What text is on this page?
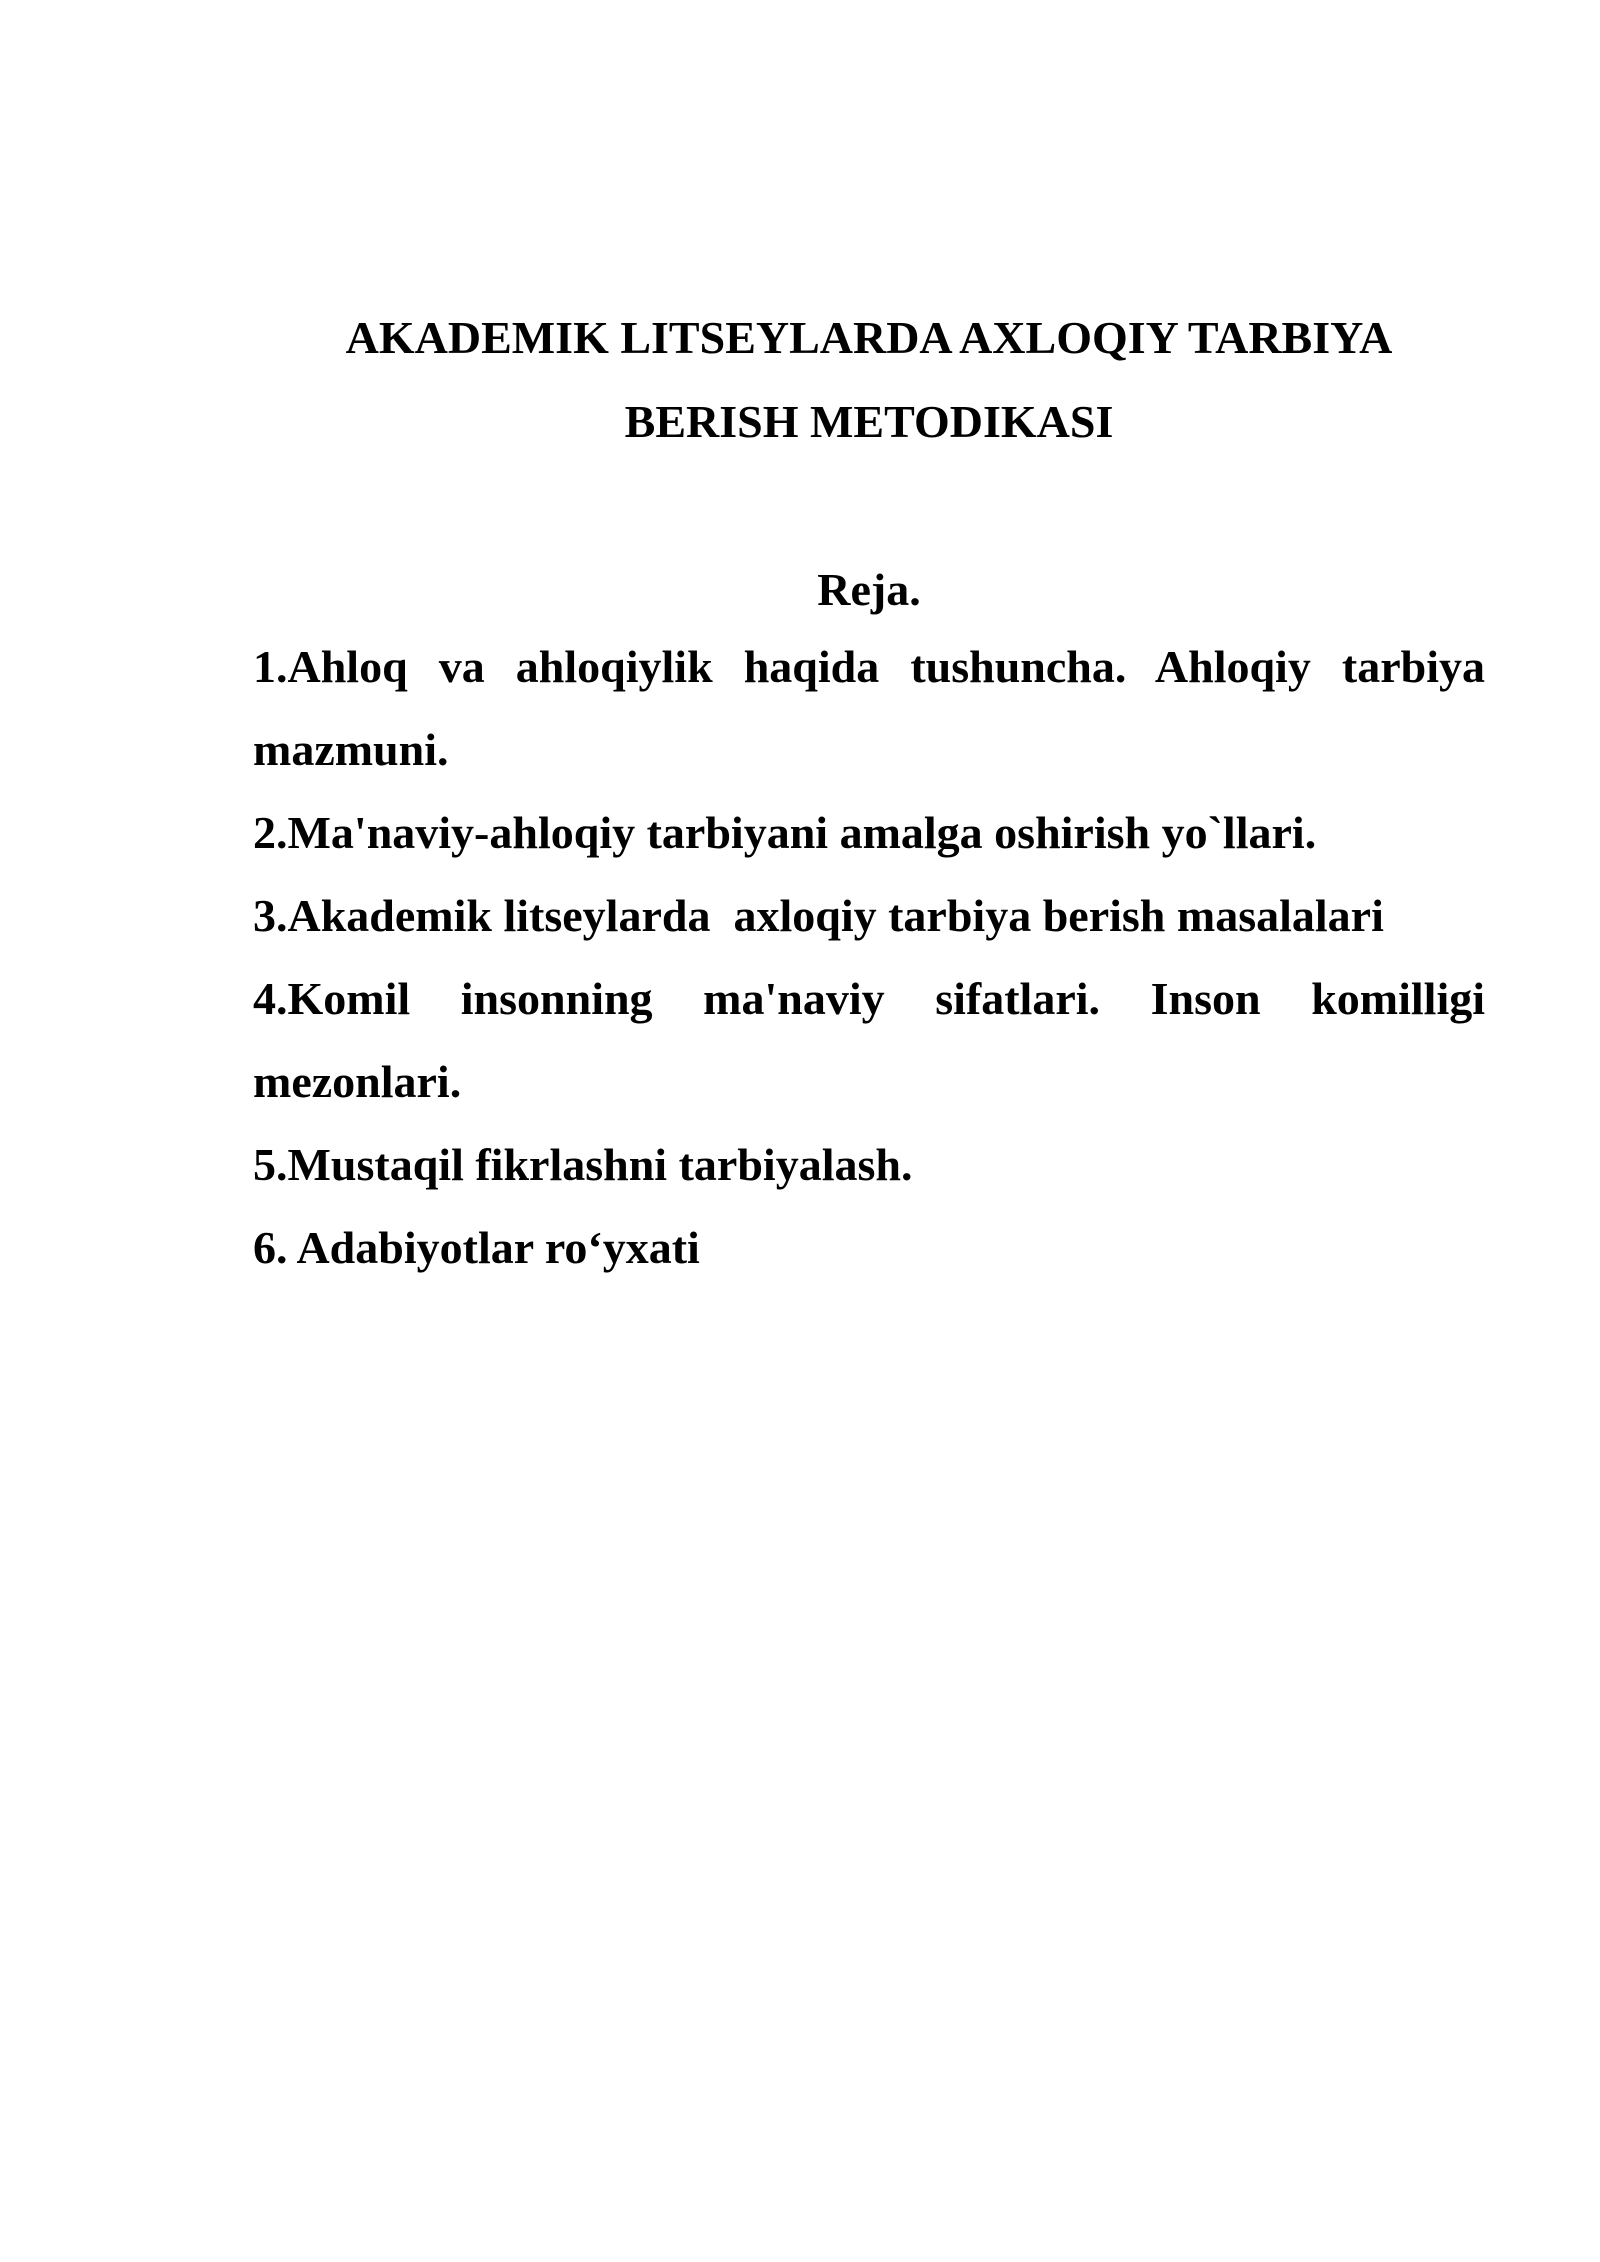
AKADEMIK LITSEYLARDA AXLOQIY TARBIYA
BERISH METODIKASI
Reja.
1.Ahloq va ahloqiylik haqida tushuncha. Ahloqiy tarbiya mazmuni.
2.Ma'naviy-ahloqiy tarbiyani amalga oshirish yo`llari.
3.Akademik litseylarda  axloqiy tarbiya berish masalalari
4.Komil insonning ma'naviy sifatlari. Inson komilligi mezonlari.
5.Mustaqil fikrlashni tarbiyalash.
6. Adabiyotlar ro‘yxati
